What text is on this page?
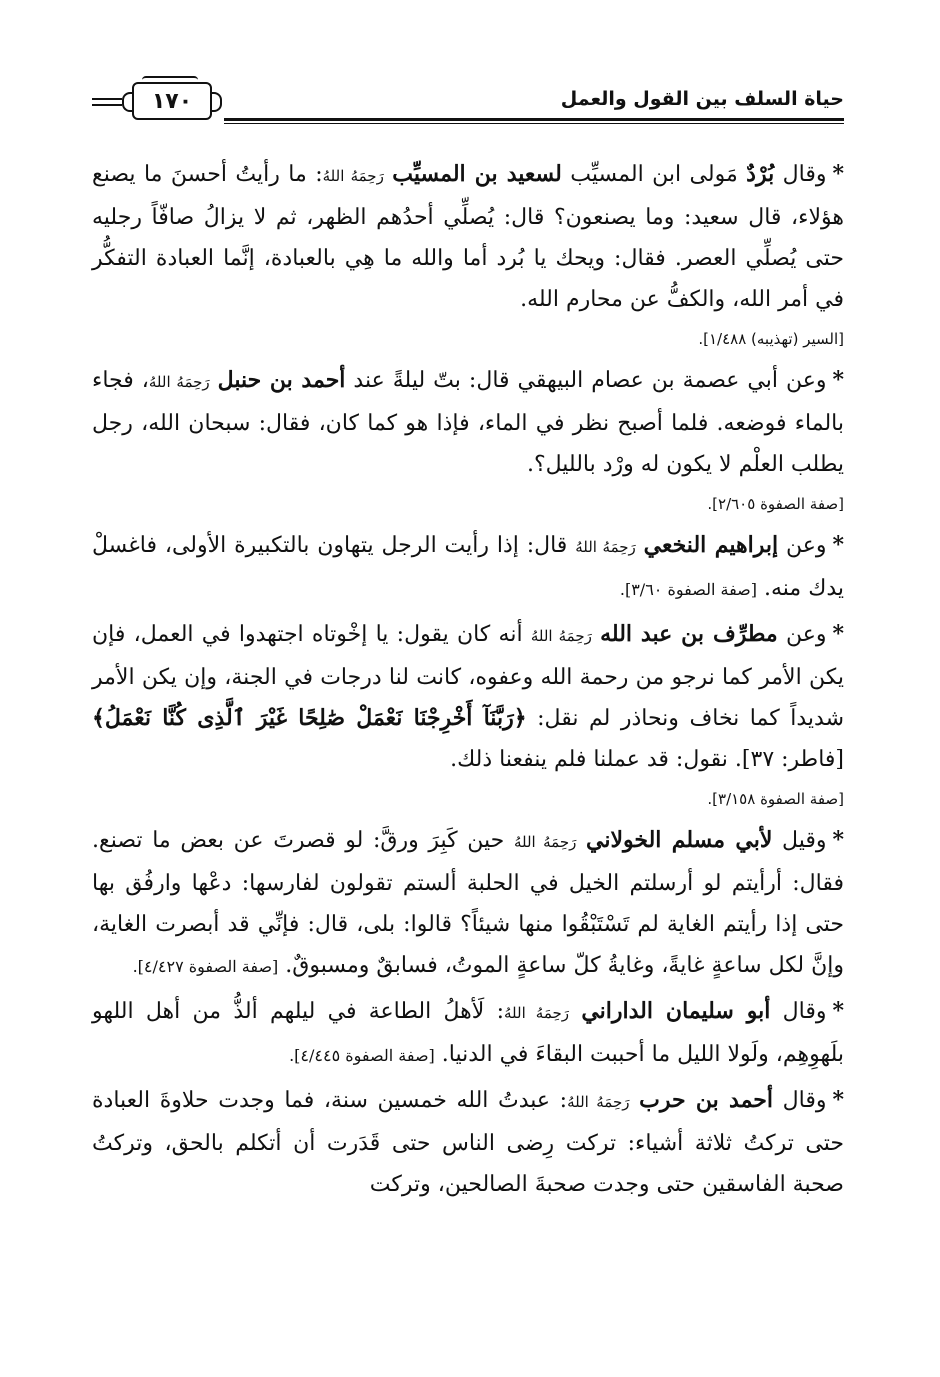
حياة السلف بين القول والعمل
١٧٠

*وقال بُرْدٌ مَولى ابن المسيِّب لسعيد بن المسيِّب رَحِمَهُ اللهُ: ما رأيتُ أحسنَ ما يصنع هؤلاء، قال سعيد: وما يصنعون؟ قال: يُصلِّي أحدُهم الظهر، ثم لا يزالُ صافّاً رجليه حتى يُصلِّي العصر. فقال: ويحك يا بُرد أما والله ما هِي بالعبادة، إنَّما العبادة التفكُّر في أمر الله، والكفُّ عن محارم الله.

[السير (تهذيبه) ١/٤٨٨].

*وعن أبي عصمة بن عصام البيهقي قال: بتّ ليلةً عند أحمد بن حنبل رَحِمَهُ اللهُ، فجاء بالماء فوضعه. فلما أصبح نظر في الماء، فإذا هو كما كان، فقال: سبحان الله، رجل يطلب العلْم لا يكون له ورْد بالليل؟.

[صفة الصفوة ٢/٦٠٥].

*وعن إبراهيم النخعي رَحِمَهُ اللهُ قال: إذا رأيت الرجل يتهاون بالتكبيرة الأولى، فاغسلْ يدك منه. [صفة الصفوة ٣/٦٠].

*وعن مطرِّف بن عبد الله رَحِمَهُ اللهُ أنه كان يقول: يا إخْوتاه اجتهدوا في العمل، فإن يكن الأمر كما نرجو من رحمة الله وعفوه، كانت لنا درجات في الجنة، وإن يكن الأمر شديداً كما نخاف ونحاذر لم نقل: ﴿رَبَّنَآ أَخْرِجْنَا نَعْمَلْ صَٰلِحًا غَيْرَ ٱلَّذِى كُنَّا نَعْمَلُ﴾ [فاطر: ٣٧]. نقول: قد عملنا فلم ينفعنا ذلك.

[صفة الصفوة ٣/١٥٨].

*وقيل لأبي مسلم الخولاني رَحِمَهُ اللهُ حين كَبِرَ ورقَّ: لو قصرتَ عن بعض ما تصنع. فقال: أرأيتم لو أرسلتم الخيل في الحلبة ألستم تقولون لفارسها: دعْها وارفُق بها حتى إذا رأيتم الغاية لم تَسْتَبْقُوا منها شيئاً؟ قالوا: بلى، قال: فإنِّي قد أبصرت الغاية، وإنَّ لكل ساعةٍ غايةً، وغايةُ كلّ ساعةٍ الموتُ، فسابقٌ ومسبوقٌ. [صفة الصفوة ٤/٤٢٧].

*وقال أبو سليمان الداراني رَحِمَهُ اللهُ: لَأهلُ الطاعة في ليلهم ألذُّ من أهل اللهو بلَهوِهِم، ولَولا الليل ما أحببت البقاءَ في الدنيا. [صفة الصفوة ٤/٤٤٥].

*وقال أحمد بن حرب رَحِمَهُ اللهُ: عبدتُ الله خمسين سنة، فما وجدت حلاوةَ العبادة حتى تركتُ ثلاثة أشياء: تركت رِضى الناس حتى قَدَرت أن أتكلم بالحق، وتركتُ صحبة الفاسقين حتى وجدت صحبةَ الصالحين، وتركت
